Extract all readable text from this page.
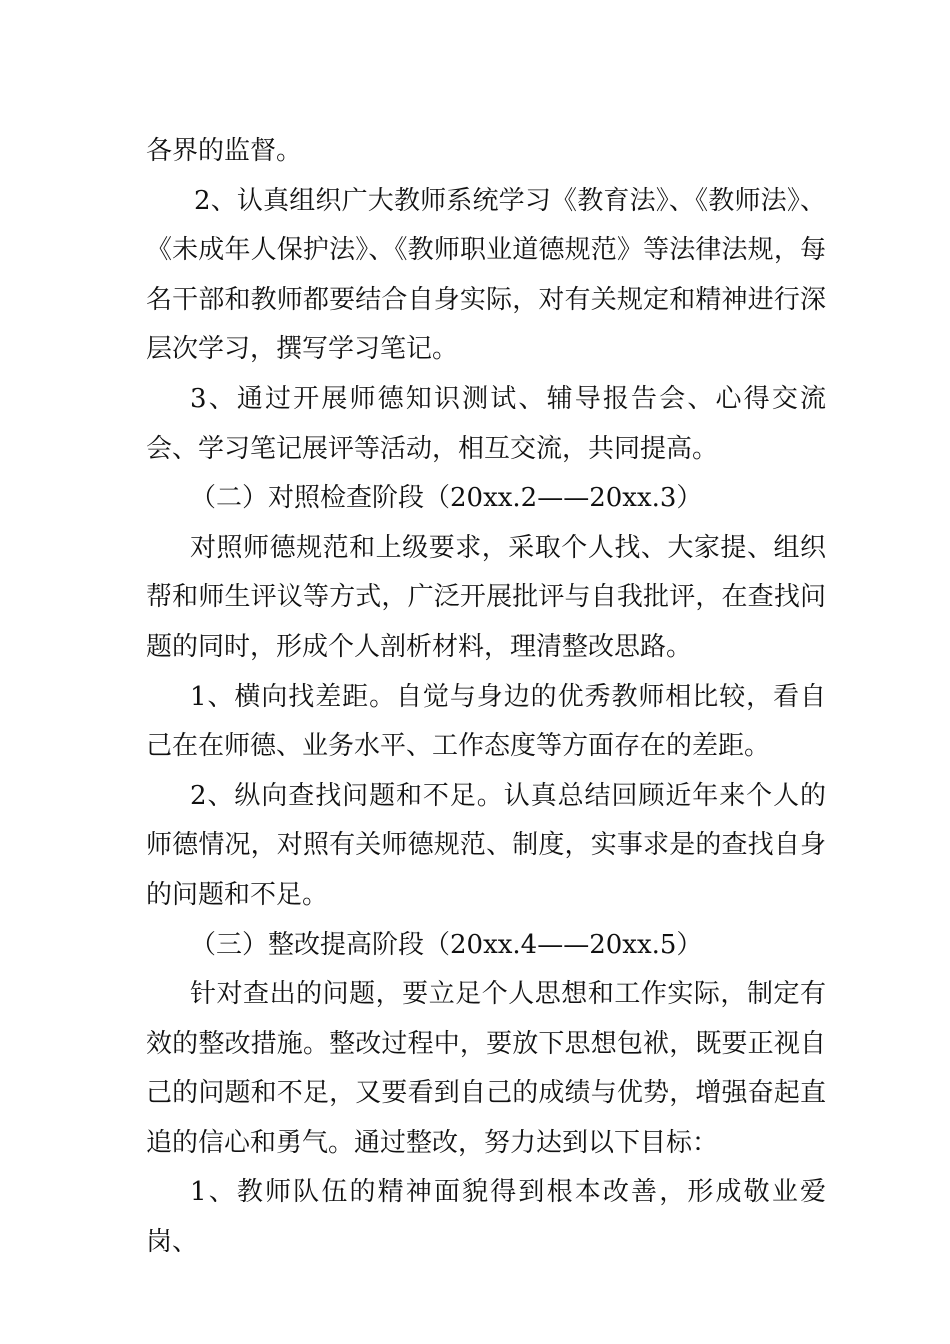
各界的监督。

2、认真组织广大教师系统学习《教育法》、《教师法》、《未成年人保护法》、《教师职业道德规范》等法律法规，每名干部和教师都要结合自身实际，对有关规定和精神进行深层次学习，撰写学习笔记。

3、通过开展师德知识测试、辅导报告会、心得交流会、学习笔记展评等活动，相互交流，共同提高。

（二）对照检查阶段（20xx.2——20xx.3）

对照师德规范和上级要求，采取个人找、大家提、组织帮和师生评议等方式，广泛开展批评与自我批评，在查找问题的同时，形成个人剖析材料，理清整改思路。

1、横向找差距。自觉与身边的优秀教师相比较，看自己在在师德、业务水平、工作态度等方面存在的差距。

2、纵向查找问题和不足。认真总结回顾近年来个人的师德情况，对照有关师德规范、制度，实事求是的查找自身的问题和不足。

（三）整改提高阶段（20xx.4——20xx.5）

针对查出的问题，要立足个人思想和工作实际，制定有效的整改措施。整改过程中，要放下思想包袱，既要正视自己的问题和不足，又要看到自己的成绩与优势，增强奋起直追的信心和勇气。通过整改，努力达到以下目标：

1、教师队伍的精神面貌得到根本改善，形成敬业爱岗、
